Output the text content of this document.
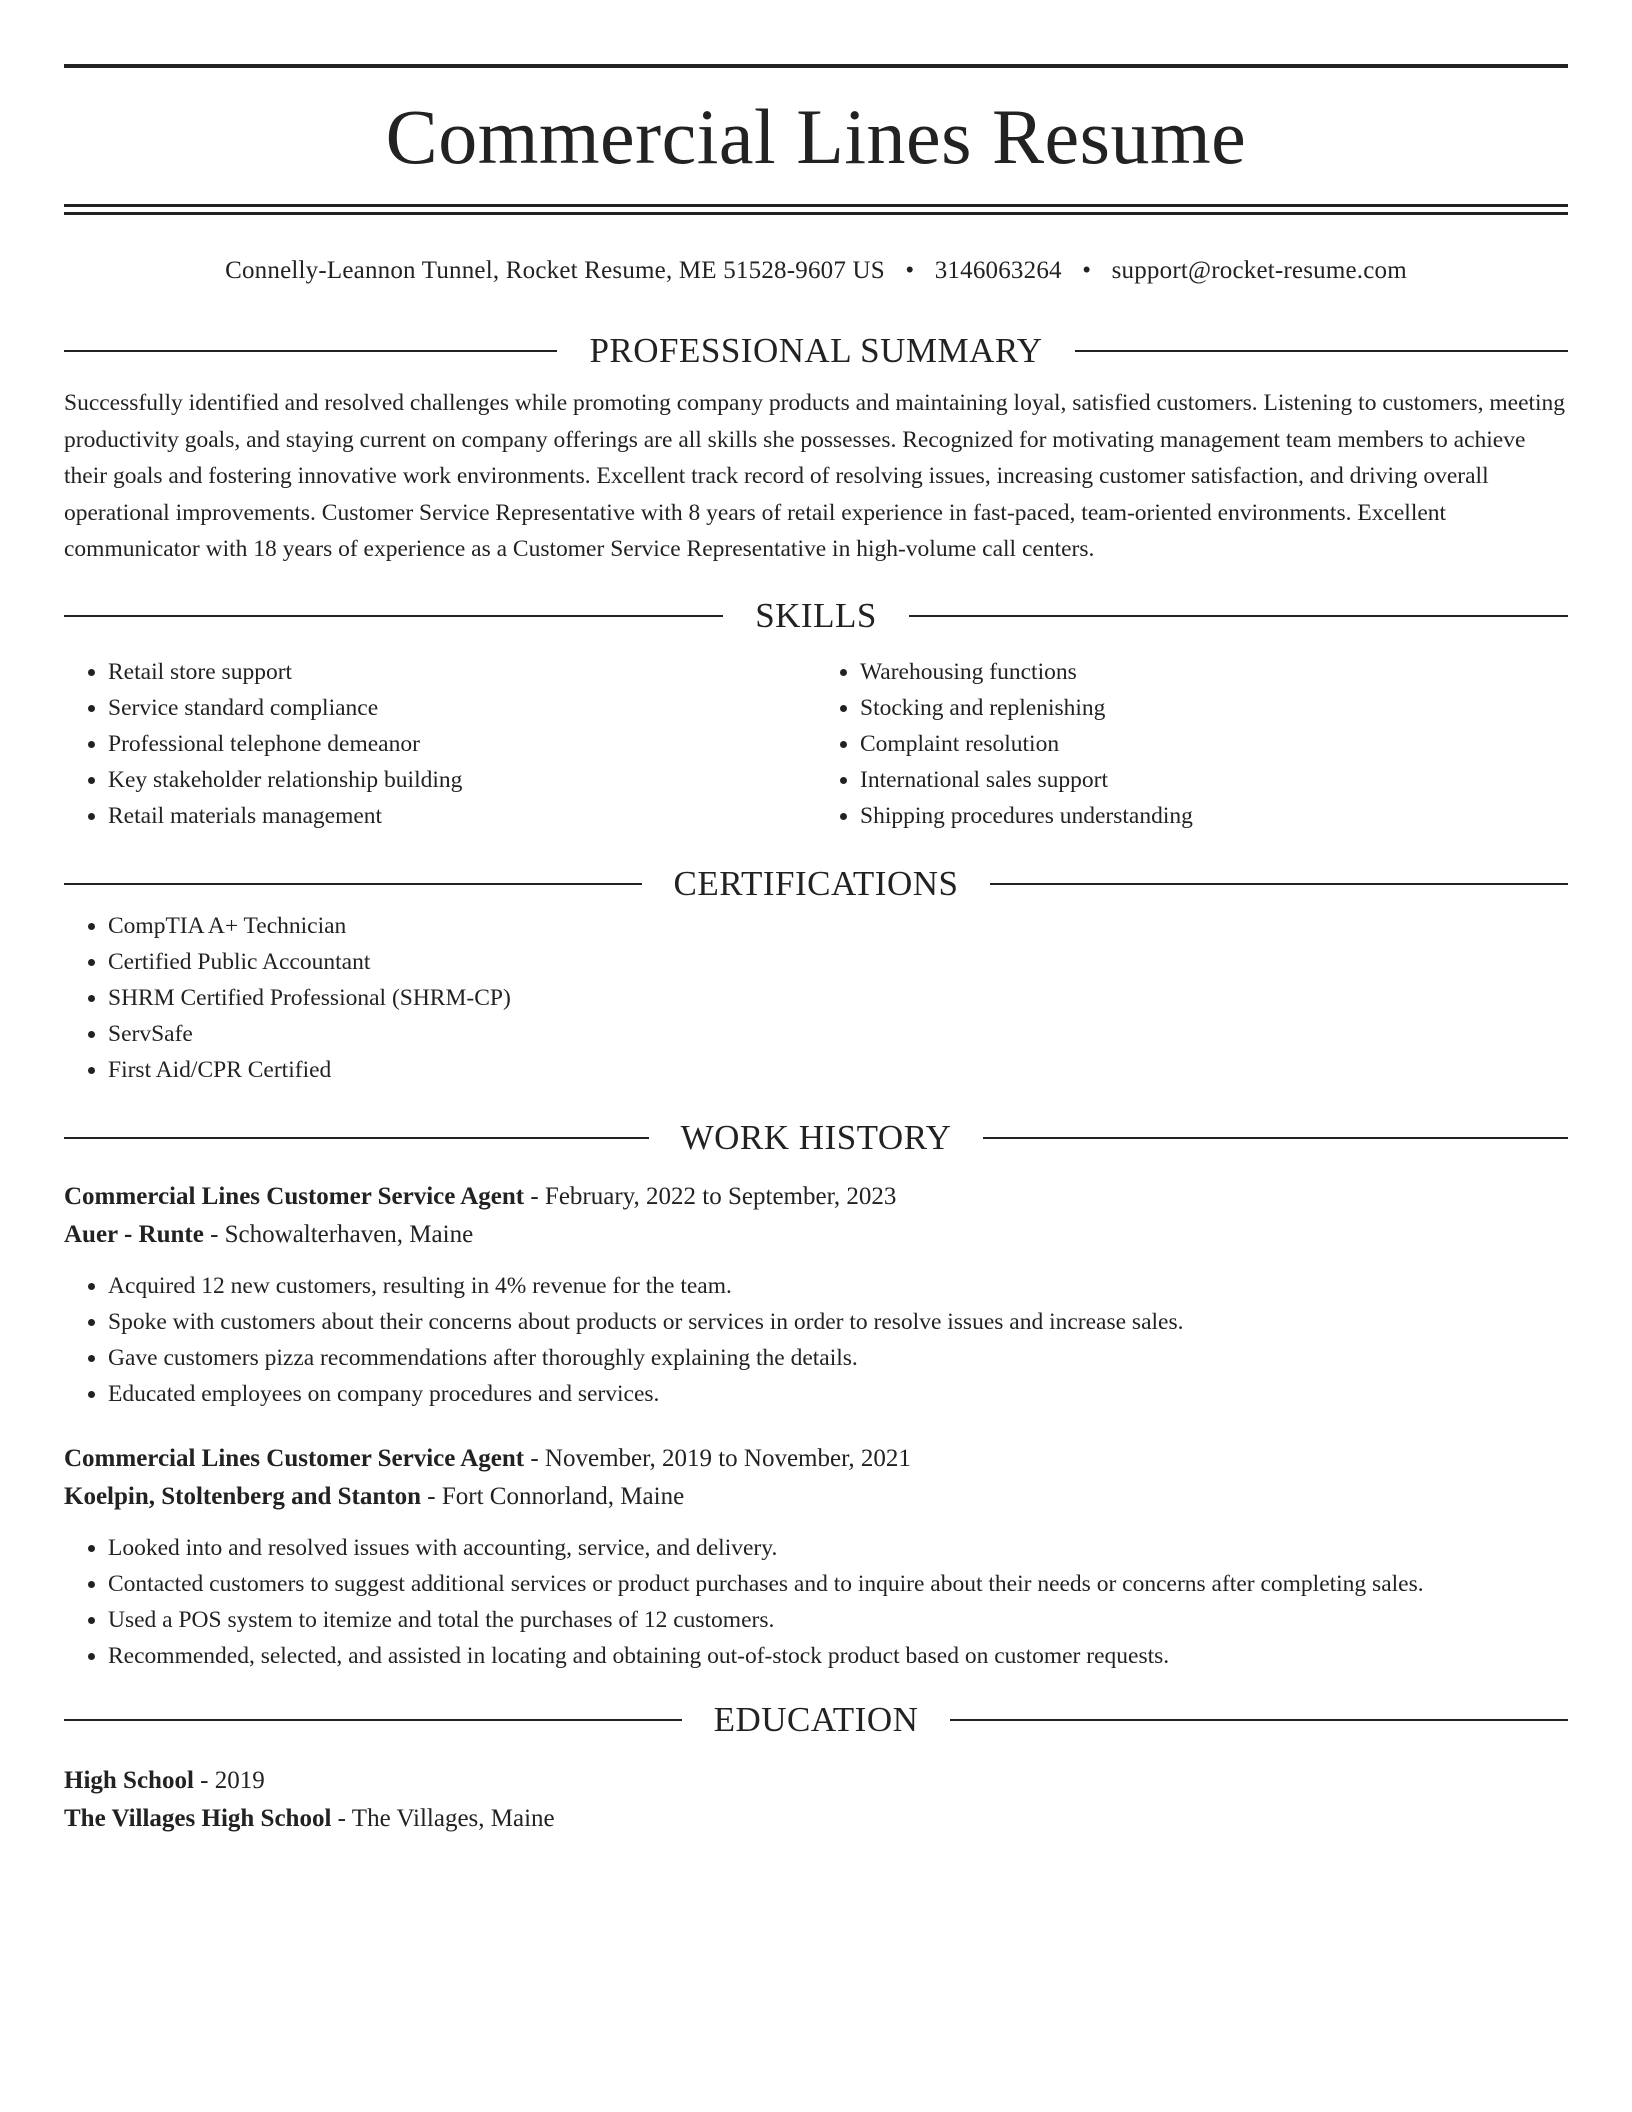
Commercial Lines Resume
Connelly-Leannon Tunnel, Rocket Resume, ME 51528-9607 US • 3146063264 • support@rocket-resume.com
PROFESSIONAL SUMMARY

Successfully identified and resolved challenges while promoting company products and maintaining loyal, satisfied customers. Listening to customers, meeting productivity goals, and staying current on company offerings are all skills she possesses. Recognized for motivating management team members to achieve their goals and fostering innovative work environments. Excellent track record of resolving issues, increasing customer satisfaction, and driving overall operational improvements. Customer Service Representative with 8 years of retail experience in fast-paced, team-oriented environments. Excellent communicator with 18 years of experience as a Customer Service Representative in high-volume call centers.

SKILLS
• Retail store support
• Service standard compliance
• Professional telephone demeanor
• Key stakeholder relationship building
• Retail materials management
• Warehousing functions
• Stocking and replenishing
• Complaint resolution
• International sales support
• Shipping procedures understanding
CERTIFICATIONS
• CompTIA A+ Technician
• Certified Public Accountant
• SHRM Certified Professional (SHRM-CP)
• ServSafe
• First Aid/CPR Certified
WORK HISTORY
Commercial Lines Customer Service Agent - February, 2022 to September, 2023
Auer - Runte - Schowalterhaven, Maine
• Acquired 12 new customers, resulting in 4% revenue for the team.
• Spoke with customers about their concerns about products or services in order to resolve issues and increase sales.
• Gave customers pizza recommendations after thoroughly explaining the details.
• Educated employees on company procedures and services.
Commercial Lines Customer Service Agent - November, 2019 to November, 2021
Koelpin, Stoltenberg and Stanton - Fort Connorland, Maine
• Looked into and resolved issues with accounting, service, and delivery.
• Contacted customers to suggest additional services or product purchases and to inquire about their needs or concerns after completing sales.
• Used a POS system to itemize and total the purchases of 12 customers.
• Recommended, selected, and assisted in locating and obtaining out-of-stock product based on customer requests.
EDUCATION
High School - 2019
The Villages High School - The Villages, Maine
